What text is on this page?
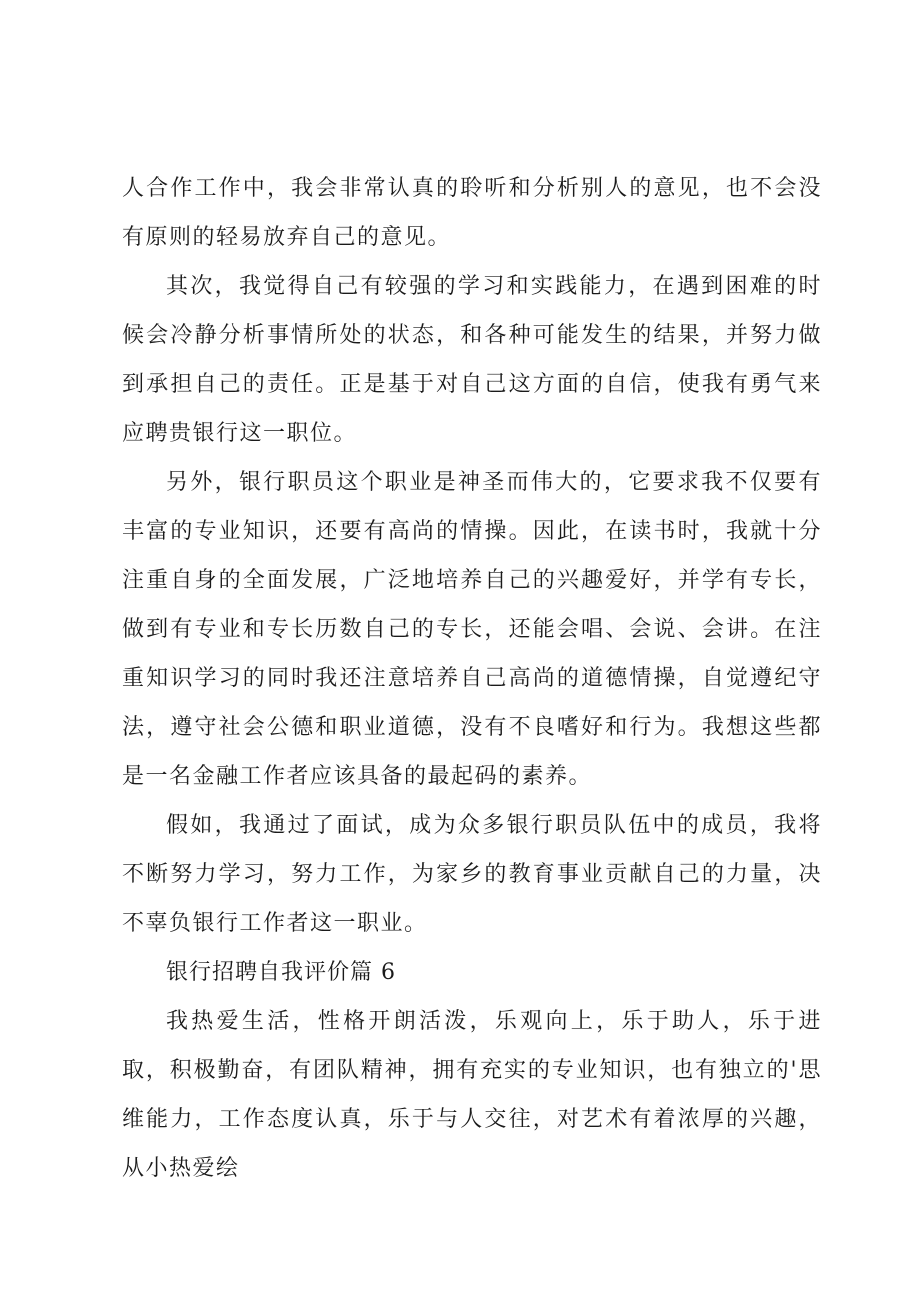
人合作工作中，我会非常认真的聆听和分析别人的意见，也不会没有原则的轻易放弃自己的意见。

其次，我觉得自己有较强的学习和实践能力，在遇到困难的时候会冷静分析事情所处的状态，和各种可能发生的结果，并努力做到承担自己的责任。正是基于对自己这方面的自信，使我有勇气来应聘贵银行这一职位。

另外，银行职员这个职业是神圣而伟大的，它要求我不仅要有丰富的专业知识，还要有高尚的情操。因此，在读书时，我就十分注重自身的全面发展，广泛地培养自己的兴趣爱好，并学有专长，做到有专业和专长历数自己的专长，还能会唱、会说、会讲。在注重知识学习的同时我还注意培养自己高尚的道德情操，自觉遵纪守法，遵守社会公德和职业道德，没有不良嗜好和行为。我想这些都是一名金融工作者应该具备的最起码的素养。

假如，我通过了面试，成为众多银行职员队伍中的成员，我将不断努力学习，努力工作，为家乡的教育事业贡献自己的力量，决不辜负银行工作者这一职业。

银行招聘自我评价篇 6

我热爱生活，性格开朗活泼，乐观向上，乐于助人，乐于进取，积极勤奋，有团队精神，拥有充实的专业知识，也有独立的'思维能力，工作态度认真，乐于与人交往，对艺术有着浓厚的兴趣，从小热爱绘
